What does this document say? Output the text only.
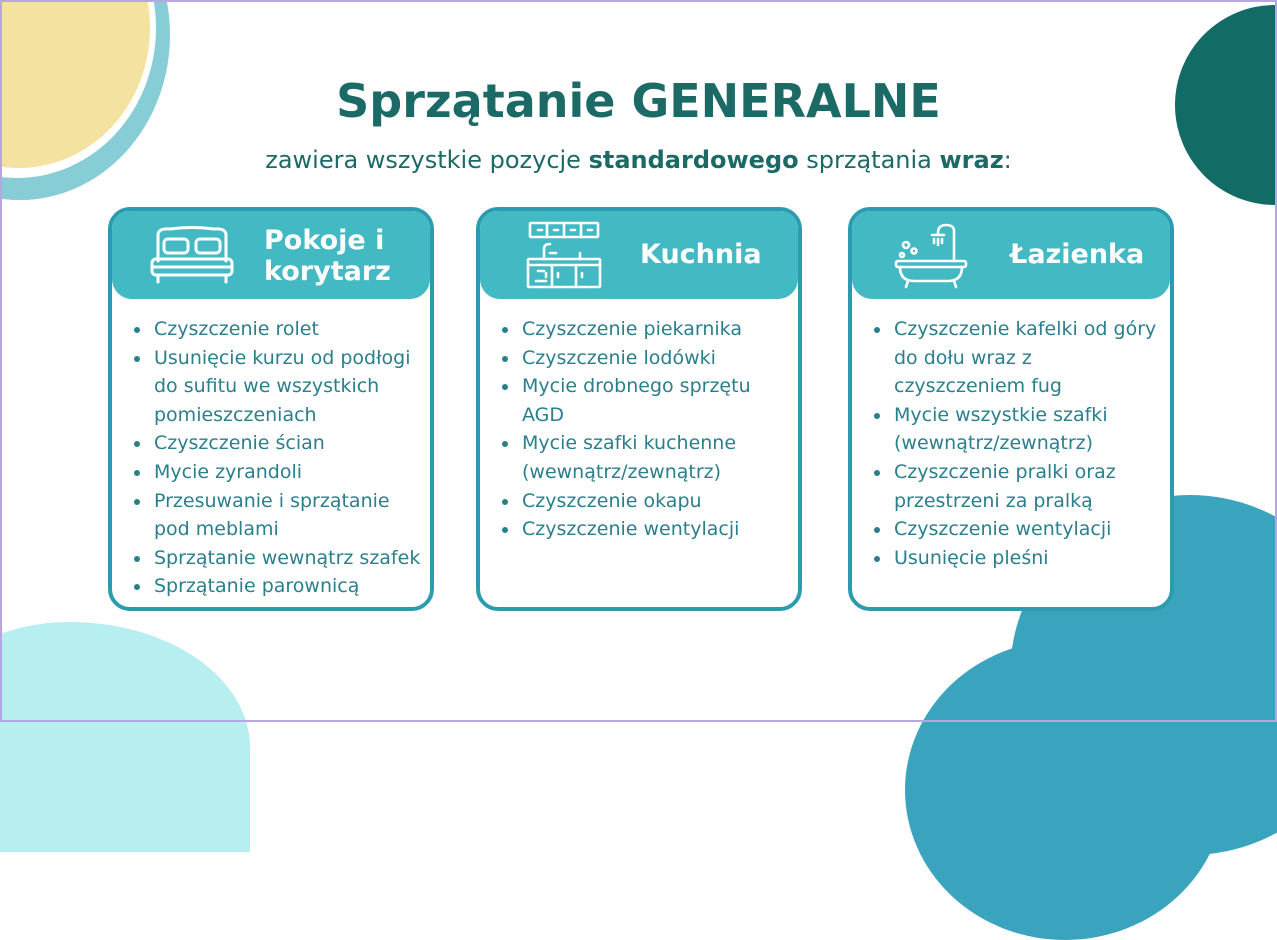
Sprzątanie GENERALNE

zawiera wszystkie pozycje standardowego sprzątania wraz:

Pokoje i
korytarz
• Czyszczenie rolet
• Usunięcie kurzu od podłogi do sufitu we wszystkich pomieszczeniach
• Czyszczenie ścian
• Mycie zyrandoli
• Przesuwanie i sprzątanie pod meblami
• Sprzątanie wewnątrz szafek
• Sprzątanie parownicą
Kuchnia
• Czyszczenie piekarnika
• Czyszczenie lodówki
• Mycie drobnego sprzętu AGD
• Mycie szafki kuchenne (wewnątrz/zewnątrz)
• Czyszczenie okapu
• Czyszczenie wentylacji
Łazienka
• Czyszczenie kafelki od góry do dołu wraz z czyszczeniem fug
• Mycie wszystkie szafki (wewnątrz/zewnątrz)
• Czyszczenie pralki oraz przestrzeni za pralką
• Czyszczenie wentylacji
• Usunięcie pleśni
